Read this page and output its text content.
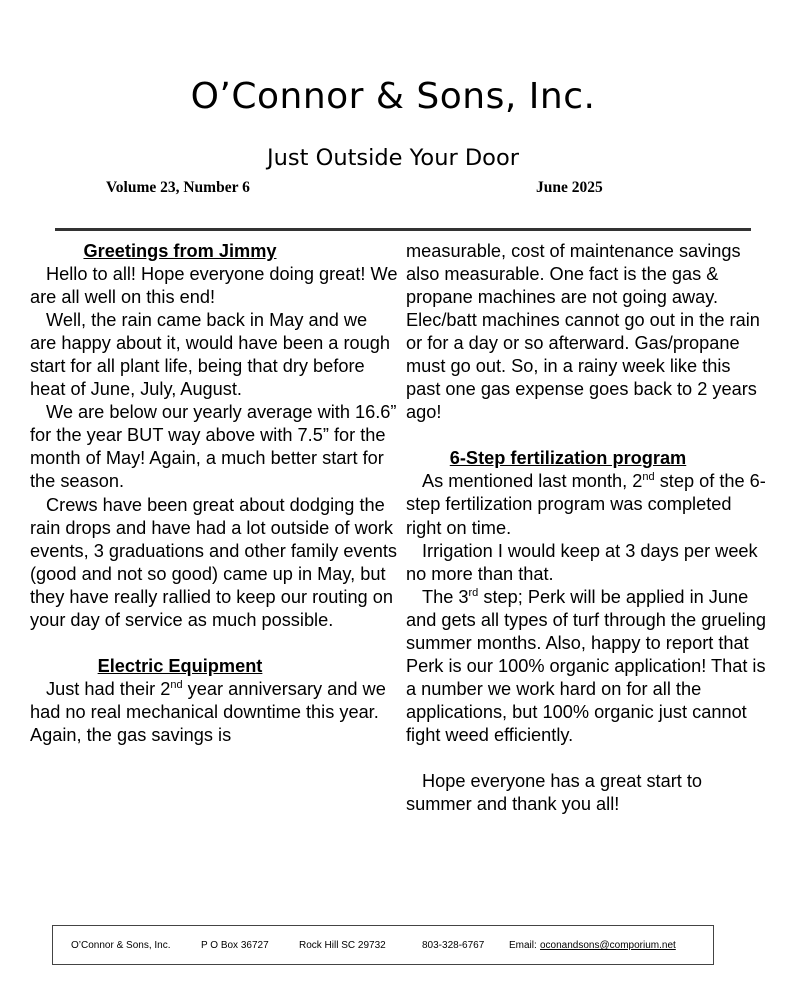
O’Connor & Sons, Inc.
Just Outside Your Door
Volume 23, Number 6	June 2025

Greetings from Jimmy

Hello to all! Hope everyone doing great! We are all well on this end!

Well, the rain came back in May and we are happy about it, would have been a rough start for all plant life, being that dry before heat of June, July, August.

We are below our yearly average with 16.6” for the year BUT way above with 7.5” for the month of May! Again, a much better start for the season.

Crews have been great about dodging the rain drops and have had a lot outside of work events, 3 graduations and other family events (good and not so good) came up in May, but they have really rallied to keep our routing on your day of service as much possible.

Electric Equipment

Just had their 2nd year anniversary and we had no real mechanical downtime this year. Again, the gas savings is

measurable, cost of maintenance savings also measurable. One fact is the gas & propane machines are not going away. Elec/batt machines cannot go out in the rain or for a day or so afterward. Gas/propane must go out. So, in a rainy week like this past one gas expense goes back to 2 years ago!

6-Step fertilization program

As mentioned last month, 2nd step of the 6-step fertilization program was completed right on time.

Irrigation I would keep at 3 days per week no more than that.

The 3rd step; Perk will be applied in June and gets all types of turf through the grueling summer months. Also, happy to report that Perk is our 100% organic application! That is a number we work hard on for all the applications, but 100% organic just cannot fight weed efficiently.

Hope everyone has a great start to summer and thank you all!

O’Connor & Sons, Inc.	P O Box 36727	Rock Hill SC 29732	803-328-6767 Email: oconandsons@comporium.net
